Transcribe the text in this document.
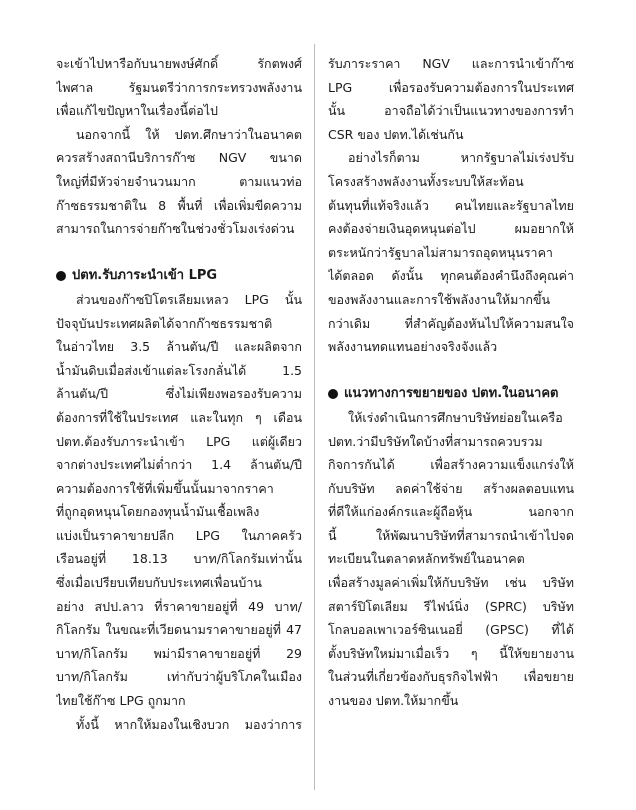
จะเข้าไปหารือกับนายพงษ์ศักดิ์ รักตพงศ์
ไพศาล รัฐมนตรีว่าการกระทรวงพลังงาน
เพื่อแก้ไขปัญหาในเรื่องนี้ต่อไป
นอกจากนี้ ให้ ปตท.ศึกษาว่าในอนาคต
ควรสร้างสถานีบริการก๊าซ NGV ขนาด
ใหญ่ที่มีหัวจ่ายจำนวนมาก ตามแนวท่อ
ก๊าซธรรมชาติใน 8 พื้นที่ เพื่อเพิ่มขีดความ
สามารถในการจ่ายก๊าซในช่วงชั่วโมงเร่งด่วน
ปตท.รับภาระนำเข้า LPG
ส่วนของก๊าซปิโตรเลียมเหลว LPG นั้น
ปัจจุบันประเทศผลิตได้จากก๊าซธรรมชาติ
ในอ่าวไทย 3.5 ล้านตัน/ปี และผลิตจาก
น้ำมันดิบเมื่อส่งเข้าแต่ละโรงกลั่นได้ 1.5
ล้านตัน/ปี ซึ่งไม่เพียงพอรองรับความ
ต้องการที่ใช้ในประเทศ และในทุก ๆ เดือน
ปตท.ต้องรับภาระนำเข้า LPG แต่ผู้เดียว
จากต่างประเทศไม่ต่ำกว่า 1.4 ล้านตัน/ปี
ความต้องการใช้ที่เพิ่มขึ้นนั้นมาจากราคา
ที่ถูกอุดหนุนโดยกองทุนน้ำมันเชื้อเพลิง
แบ่งเป็นราคาขายปลีก LPG ในภาคครัว
เรือนอยู่ที่ 18.13 บาท/กิโลกรัมเท่านั้น
ซึ่งเมื่อเปรียบเทียบกับประเทศเพื่อนบ้าน
อย่าง สปป.ลาว ที่ราคาขายอยู่ที่ 49 บาท/
กิโลกรัม ในขณะที่เวียดนามราคาขายอยู่ที่ 47
บาท/กิโลกรัม พม่ามีราคาขายอยู่ที่ 29
บาท/กิโลกรัม เท่ากับว่าผู้บริโภคในเมือง
ไทยใช้ก๊าซ LPG ถูกมาก
ทั้งนี้ หากให้มองในเชิงบวก มองว่าการ
รับภาระราคา NGV และการนำเข้าก๊าซ
LPG เพื่อรองรับความต้องการในประเทศ
นั้น อาจถือได้ว่าเป็นแนวทางของการทำ
CSR ของ ปตท.ได้เช่นกัน
อย่างไรก็ตาม หากรัฐบาลไม่เร่งปรับ
โครงสร้างพลังงานทั้งระบบให้สะท้อน
ต้นทุนที่แท้จริงแล้ว คนไทยและรัฐบาลไทย
คงต้องจ่ายเงินอุดหนุนต่อไป ผมอยากให้
ตระหนักว่ารัฐบาลไม่สามารถอุดหนุนราคา
ได้ตลอด ดังนั้น ทุกคนต้องคำนึงถึงคุณค่า
ของพลังงานและการใช้พลังงานให้มากขึ้น
กว่าเดิม ที่สำคัญต้องหันไปให้ความสนใจ
พลังงานทดแทนอย่างจริงจังแล้ว
แนวทางการขยายของ ปตท.ในอนาคต
ให้เร่งดำเนินการศึกษาบริษัทย่อยในเครือ
ปตท.ว่ามีบริษัทใดบ้างที่สามารถควบรวม
กิจการกันได้ เพื่อสร้างความแข็งแกร่งให้
กับบริษัท ลดค่าใช้จ่าย สร้างผลตอบแทน
ที่ดีให้แก่องค์กรและผู้ถือหุ้น นอกจาก
นี้ ให้พัฒนาบริษัทที่สามารถนำเข้าไปจด
ทะเบียนในตลาดหลักทรัพย์ในอนาคต
เพื่อสร้างมูลค่าเพิ่มให้กับบริษัท เช่น บริษัท
สตาร์ปิโตเลียม รีไฟน์นิ่ง (SPRC) บริษัท
โกลบอลเพาเวอร์ซินเนอยี่ (GPSC) ที่ได้
ตั้งบริษัทใหม่มาเมื่อเร็ว ๆ นี้ให้ขยายงาน
ในส่วนที่เกี่ยวข้องกับธุรกิจไฟฟ้า เพื่อขยาย
งานของ ปตท.ให้มากขึ้น
